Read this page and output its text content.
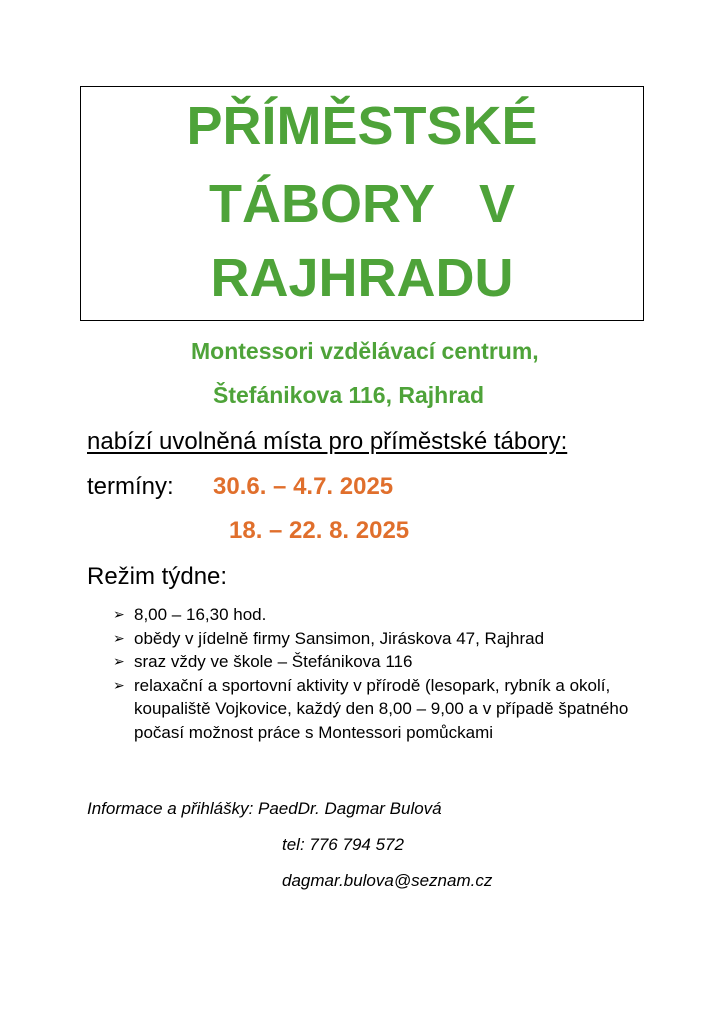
PŘÍMĚSTSKÉ
TÁBORY   V
RAJHRADU
Montessori vzdělávací centrum,
Štefánikova 116, Rajhrad
nabízí uvolněná místa pro příměstské tábory:
termíny: 30.6. – 4.7. 2025
18. – 22. 8. 2025
Režim týdne:
➢ 8,00 – 16,30 hod.
➢ obědy v jídelně firmy Sansimon, Jiráskova 47, Rajhrad
➢ sraz vždy ve škole – Štefánikova 116
➢ relaxační a sportovní aktivity v přírodě (lesopark, rybník a okolí, koupaliště Vojkovice, každý den 8,00 – 9,00 a v případě špatného počasí možnost práce s Montessori pomůckami
Informace a přihlášky: PaedDr. Dagmar Bulová
tel: 776 794 572
dagmar.bulova@seznam.cz
